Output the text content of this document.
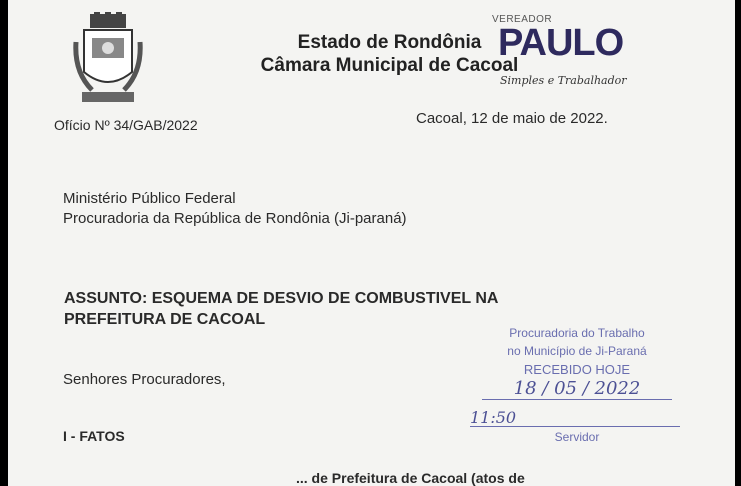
Estado de Rondônia
Câmara Municipal de Cacoal
VEREADOR
PAULO
Simples e Trabalhador
Ofício Nº 34/GAB/2022	Cacoal, 12 de maio de 2022.
Ministério Público Federal
Procuradoria da República de Rondônia (Ji-paraná)
ASSUNTO: ESQUEMA DE DESVIO DE COMBUSTIVEL NA
PREFEITURA DE CACOAL
Senhores Procuradores,
I - FATOS
... de Prefeitura de Cacoal (atos de
Procuradoria do Trabalho
no Município de Ji-Paraná
RECEBIDO HOJE
18 / 05 / 2022
11:50
Servidor
